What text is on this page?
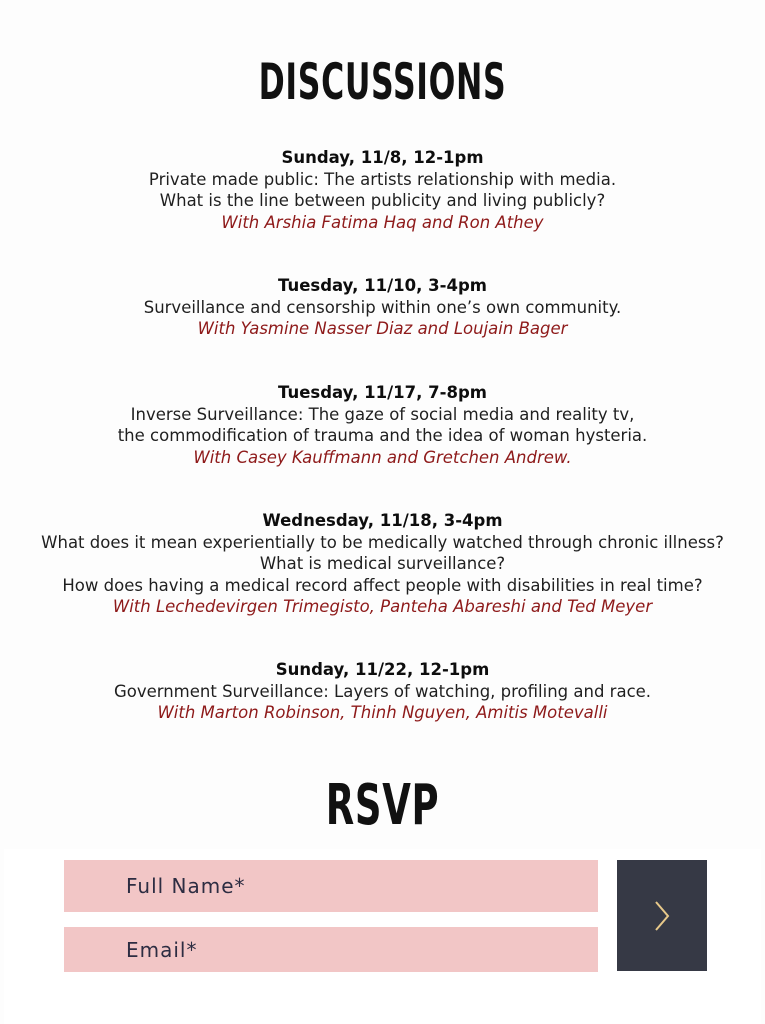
DISCUSSIONS
Sunday, 11/8, 12-1pm
Private made public: The artists relationship with media.
What is the line between publicity and living publicly?
With Arshia Fatima Haq and Ron Athey
Tuesday, 11/10, 3-4pm
Surveillance and censorship within one’s own community.
With Yasmine Nasser Diaz and Loujain Bager
Tuesday, 11/17, 7-8pm
Inverse Surveillance: The gaze of social media and reality tv,
the commodification of trauma and the idea of woman hysteria.
With Casey Kauffmann and Gretchen Andrew.
Wednesday, 11/18, 3-4pm
What does it mean experientially to be medically watched through chronic illness?
What is medical surveillance?
How does having a medical record affect people with disabilities in real time?
With Lechedevirgen Trimegisto, Panteha Abareshi and Ted Meyer
Sunday, 11/22, 12-1pm
Government Surveillance: Layers of watching, profiling and race.
With Marton Robinson, Thinh Nguyen, Amitis Motevalli
RSVP
Full Name*
Email*
